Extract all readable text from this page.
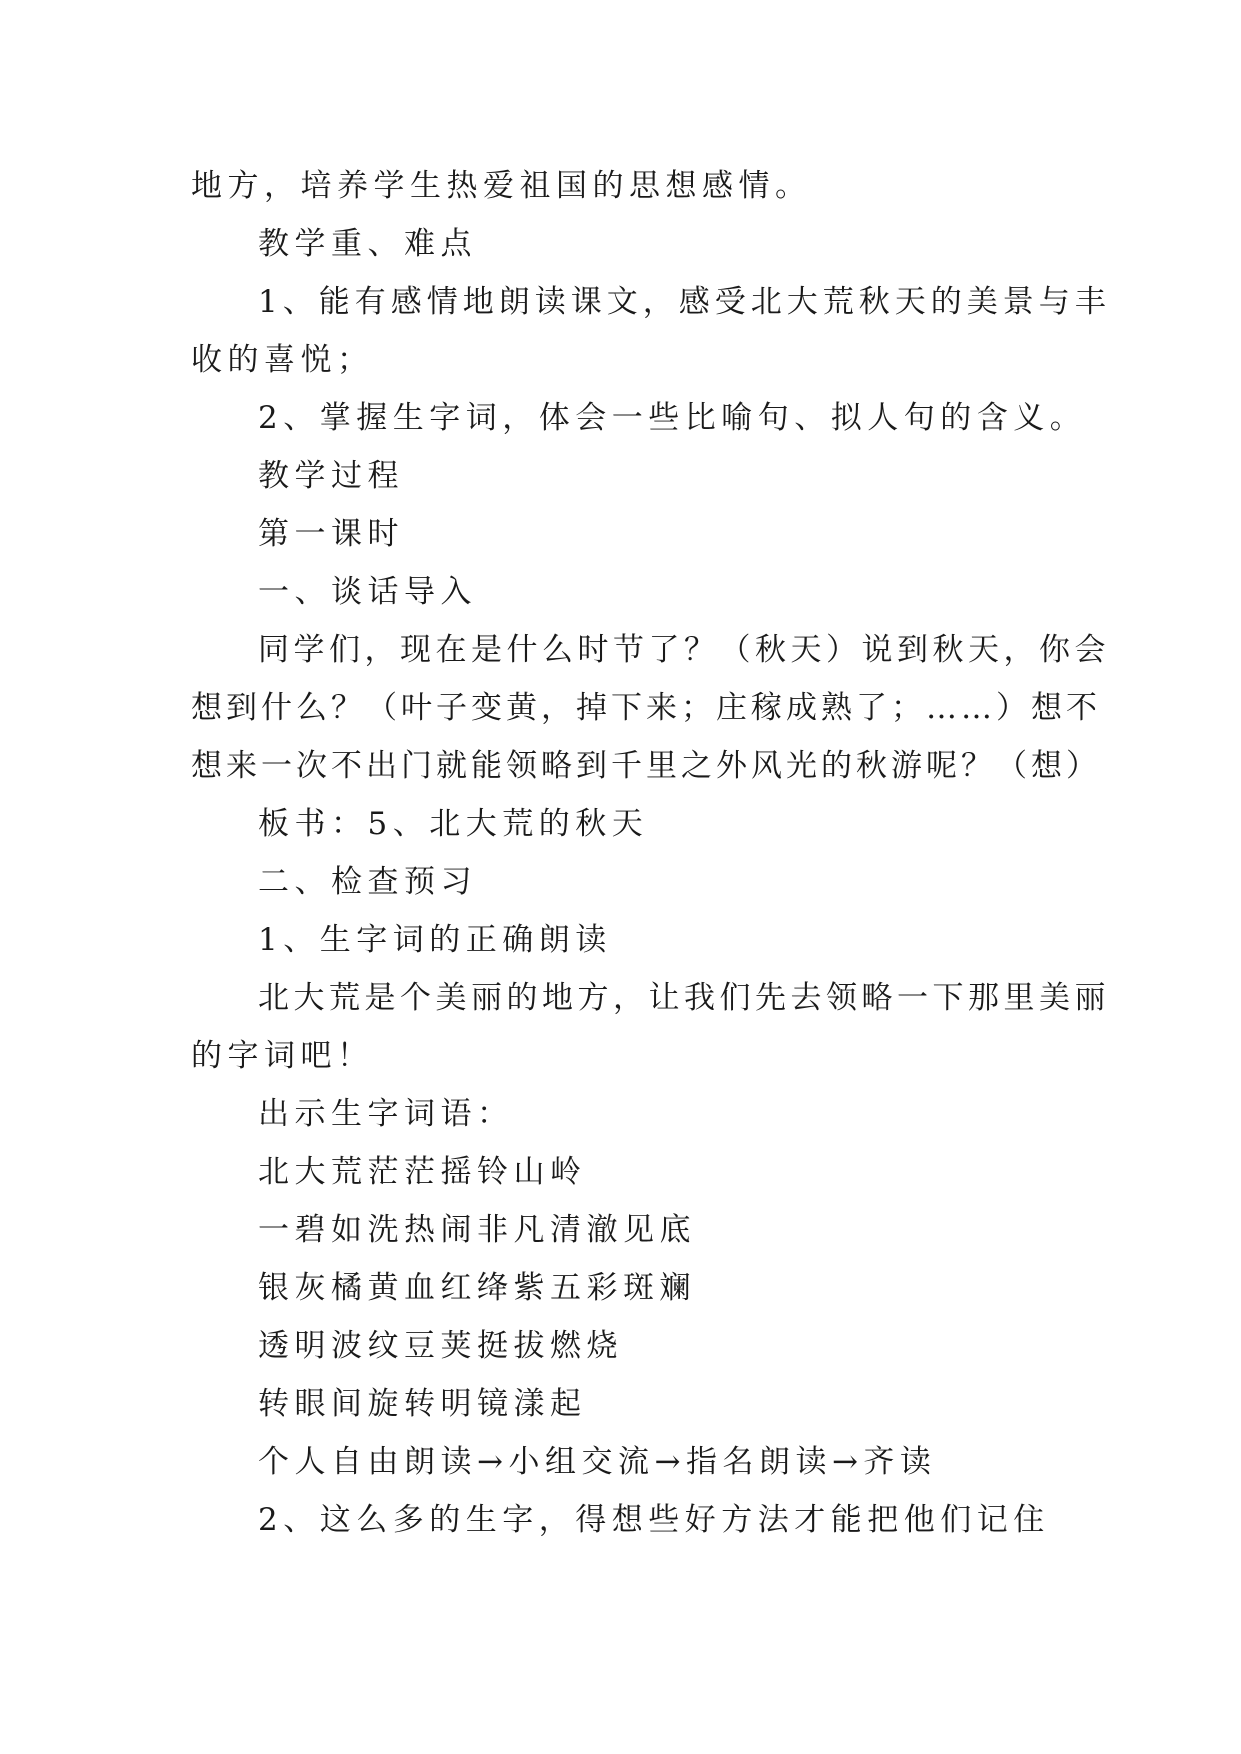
地方，培养学生热爱祖国的思想感情。
教学重、难点
1、能有感情地朗读课文，感受北大荒秋天的美景与丰
收的喜悦；
2、掌握生字词，体会一些比喻句、拟人句的含义。
教学过程
第一课时
一、谈话导入
同学们，现在是什么时节了？（秋天）说到秋天，你会
想到什么？（叶子变黄，掉下来；庄稼成熟了；……）想不
想来一次不出门就能领略到千里之外风光的秋游呢？（想）
板书：5、北大荒的秋天
二、检查预习
1、生字词的正确朗读
北大荒是个美丽的地方，让我们先去领略一下那里美丽
的字词吧！
出示生字词语：
北大荒茫茫摇铃山岭
一碧如洗热闹非凡清澈见底
银灰橘黄血红绛紫五彩斑斓
透明波纹豆荚挺拔燃烧
转眼间旋转明镜漾起
个人自由朗读→小组交流→指名朗读→齐读
2、这么多的生字，得想些好方法才能把他们记住
